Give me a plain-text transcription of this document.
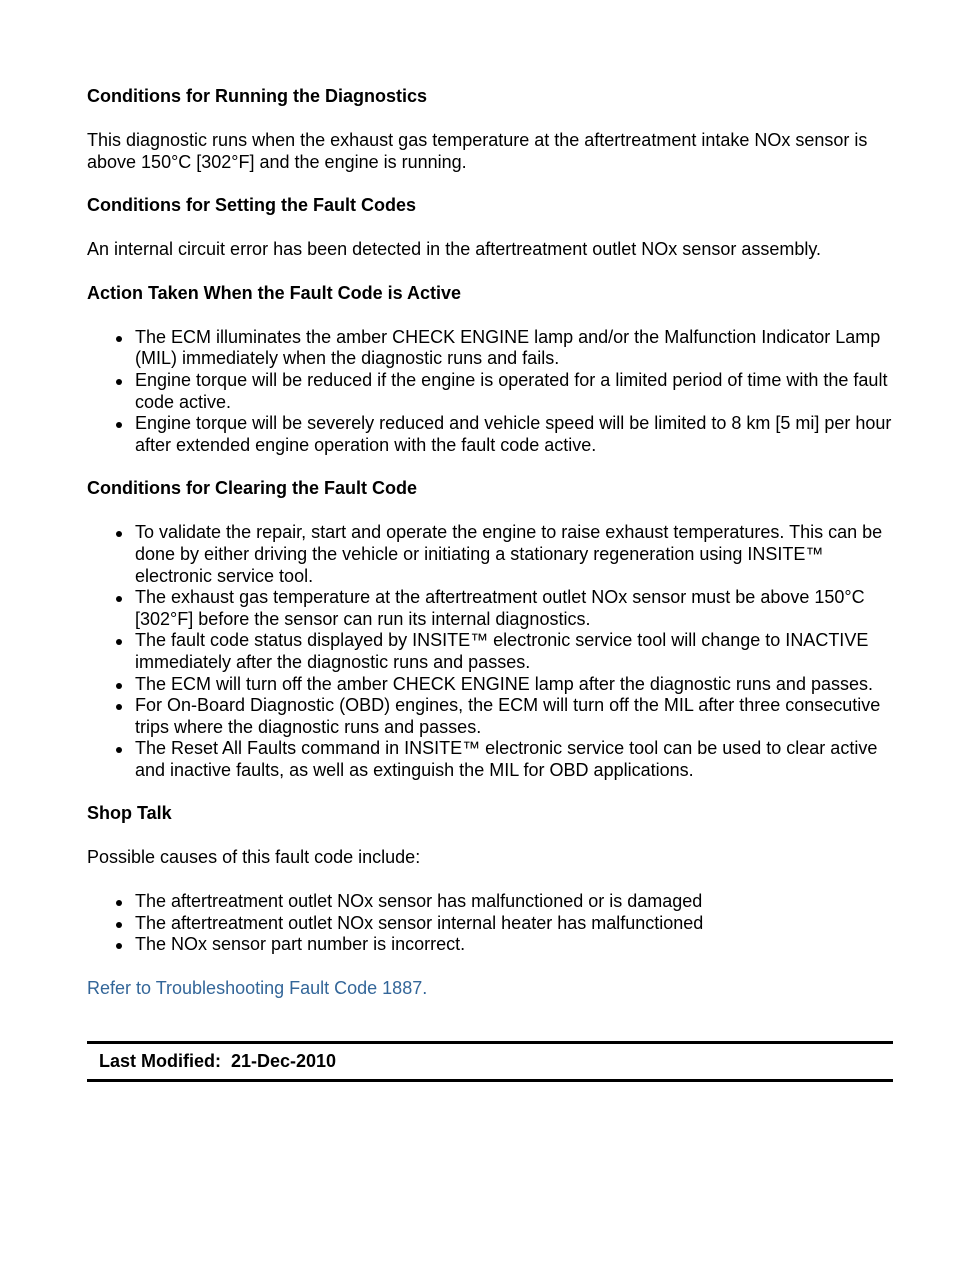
Conditions for Running the Diagnostics

This diagnostic runs when the exhaust gas temperature at the aftertreatment intake NOx sensor is above 150°C [302°F] and the engine is running.

Conditions for Setting the Fault Codes

An internal circuit error has been detected in the aftertreatment outlet NOx sensor assembly.

Action Taken When the Fault Code is Active

The ECM illuminates the amber CHECK ENGINE lamp and/or the Malfunction Indicator Lamp (MIL) immediately when the diagnostic runs and fails.
Engine torque will be reduced if the engine is operated for a limited period of time with the fault code active.
Engine torque will be severely reduced and vehicle speed will be limited to 8 km [5 mi] per hour after extended engine operation with the fault code active.

Conditions for Clearing the Fault Code

To validate the repair, start and operate the engine to raise exhaust temperatures. This can be done by either driving the vehicle or initiating a stationary regeneration using INSITE™ electronic service tool.
The exhaust gas temperature at the aftertreatment outlet NOx sensor must be above 150°C [302°F] before the sensor can run its internal diagnostics.
The fault code status displayed by INSITE™ electronic service tool will change to INACTIVE immediately after the diagnostic runs and passes.
The ECM will turn off the amber CHECK ENGINE lamp after the diagnostic runs and passes.
For On-Board Diagnostic (OBD) engines, the ECM will turn off the MIL after three consecutive trips where the diagnostic runs and passes.
The Reset All Faults command in INSITE™ electronic service tool can be used to clear active and inactive faults, as well as extinguish the MIL for OBD applications.

Shop Talk

Possible causes of this fault code include:

The aftertreatment outlet NOx sensor has malfunctioned or is damaged
The aftertreatment outlet NOx sensor internal heater has malfunctioned
The NOx sensor part number is incorrect.

Refer to Troubleshooting Fault Code 1887.

Last Modified:  21-Dec-2010
